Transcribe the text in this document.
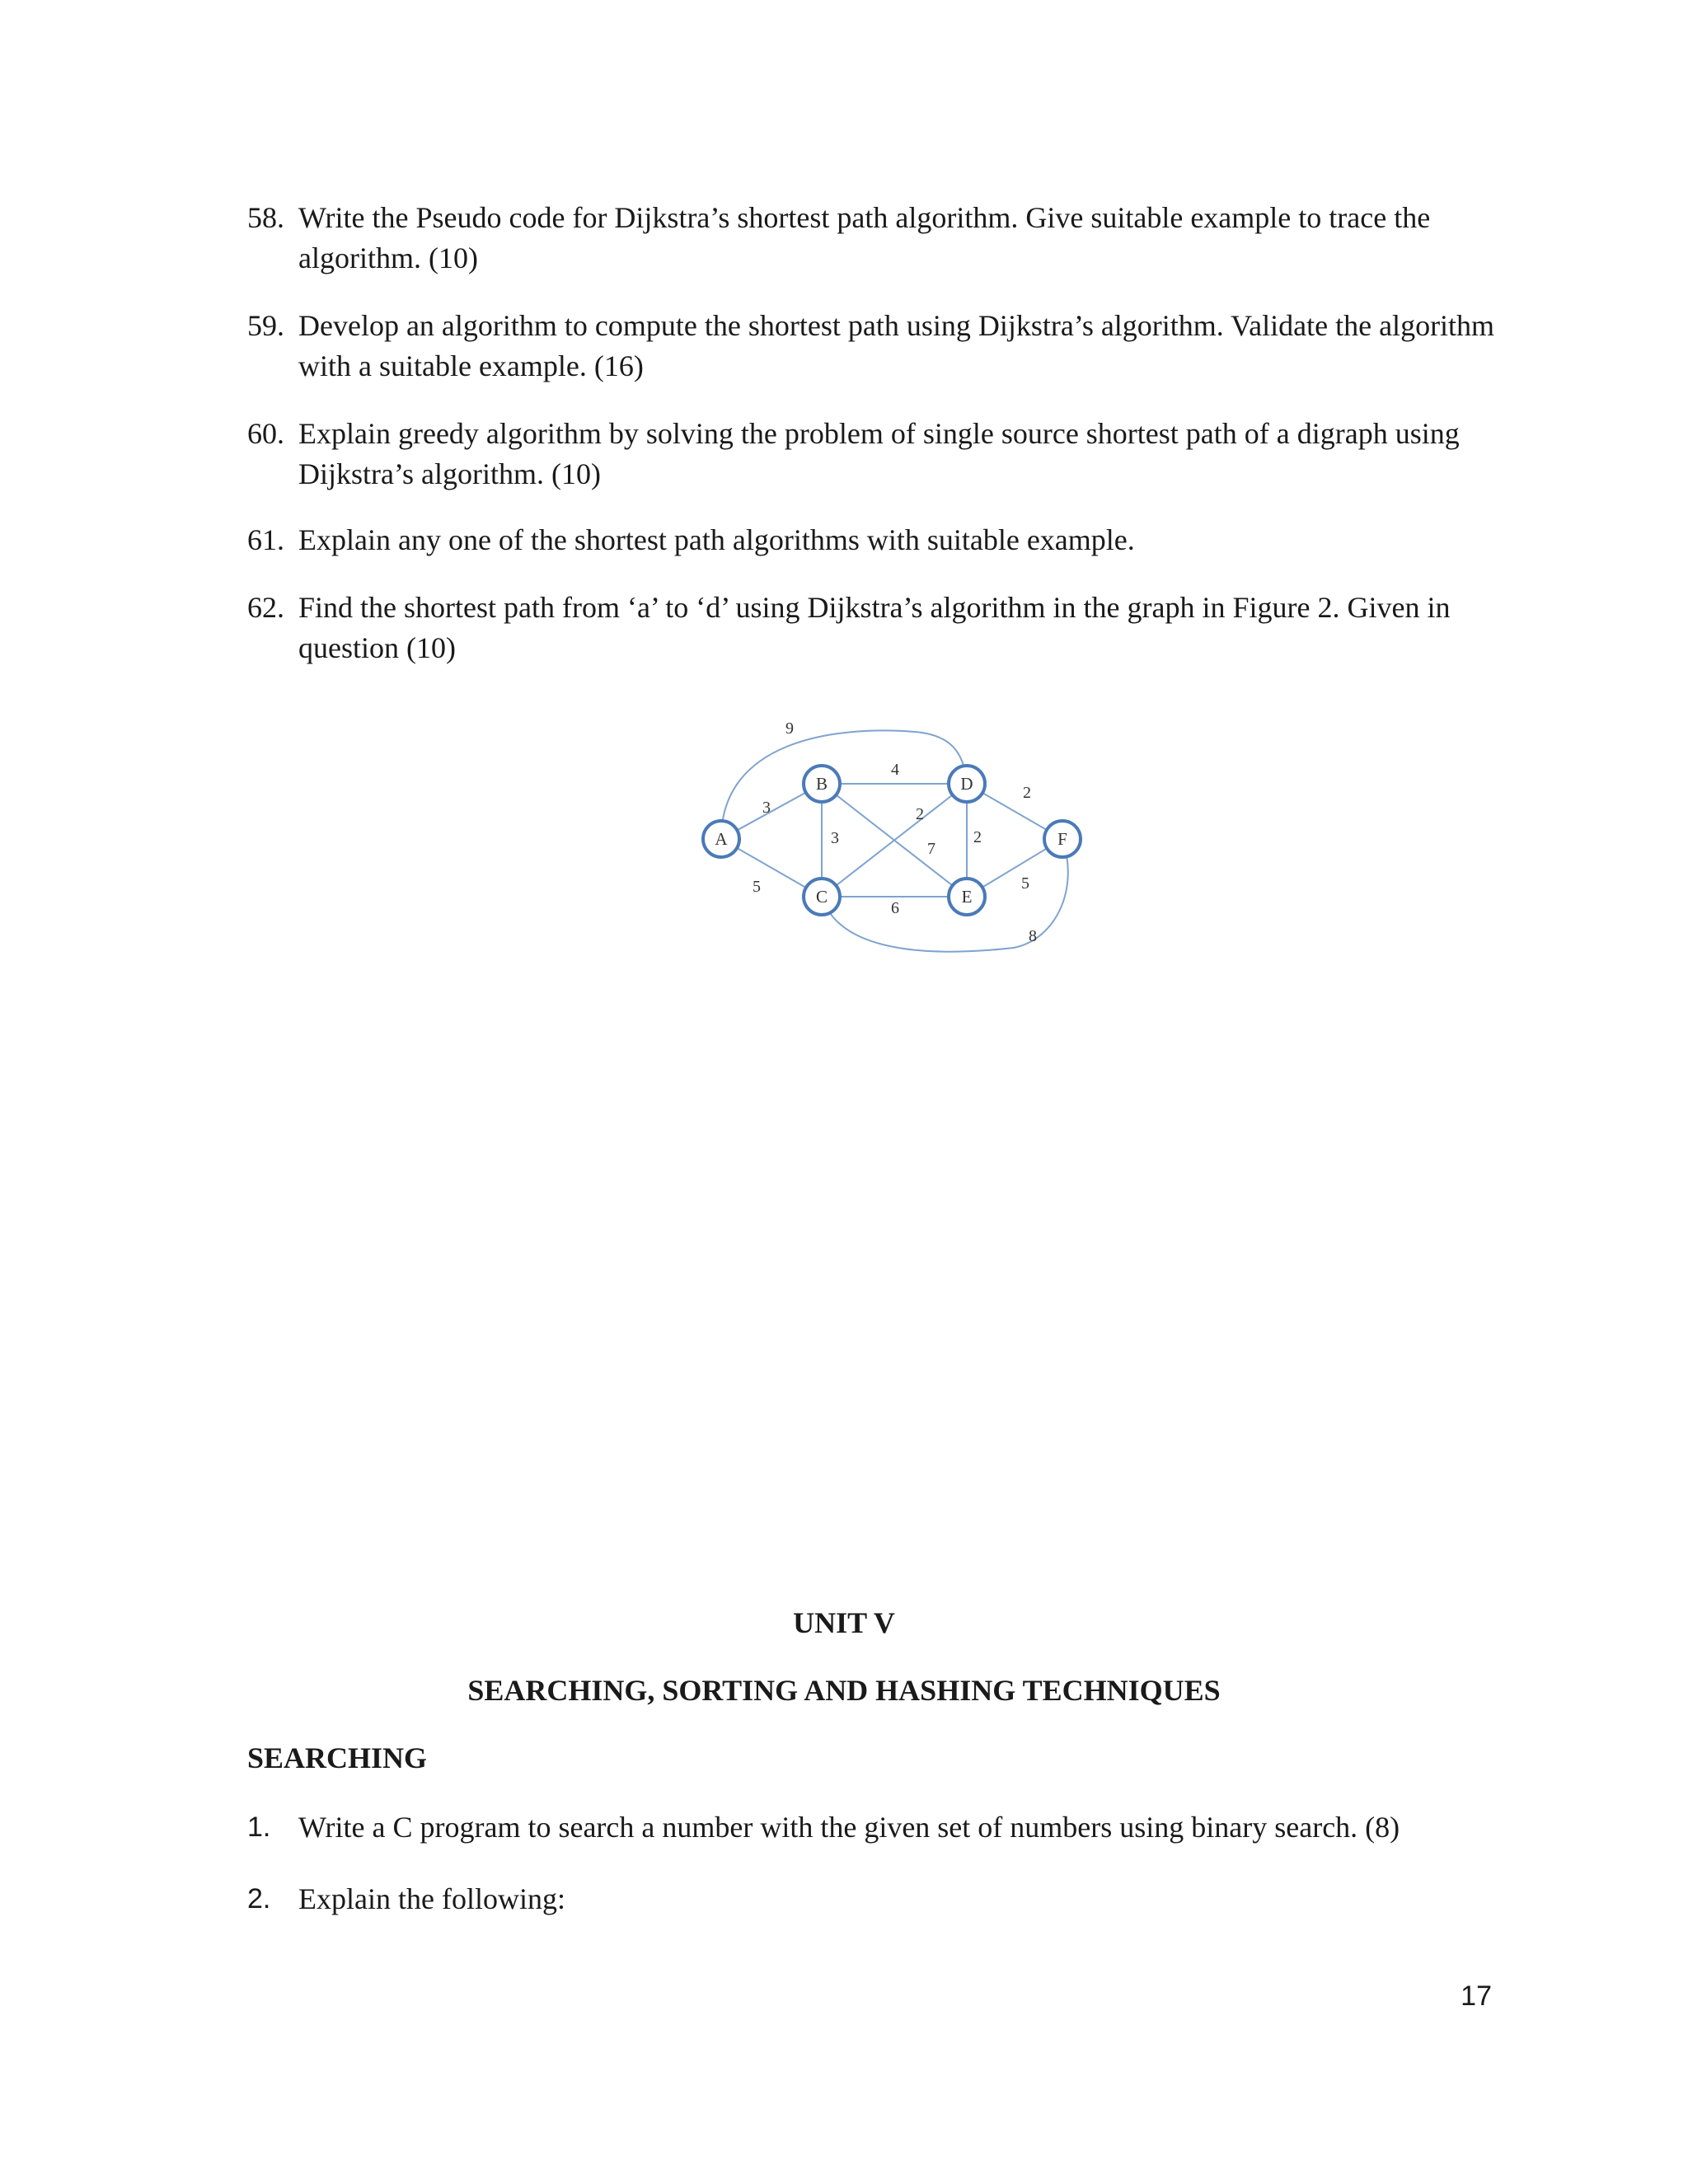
58. Write the Pseudo code for Dijkstra’s shortest path algorithm. Give suitable example to trace the algorithm. (10)
59. Develop an algorithm to compute the shortest path using Dijkstra’s algorithm. Validate the algorithm with a suitable example. (16)
60. Explain greedy algorithm by solving the problem of single source shortest path of a digraph using Dijkstra’s algorithm. (10)
61. Explain any one of the shortest path algorithms with suitable example.
62. Find the shortest path from ‘a’ to ‘d’ using Dijkstra’s algorithm in the graph in Figure 2. Given in question (10)
3
5
9
4
3
2
7
6
2
2
5
8
A
B
C
D
E
F
UNIT V
SEARCHING, SORTING AND HASHING TECHNIQUES
SEARCHING
1. Write a C program to search a number with the given set of numbers using binary search. (8)
2. Explain the following:
17
